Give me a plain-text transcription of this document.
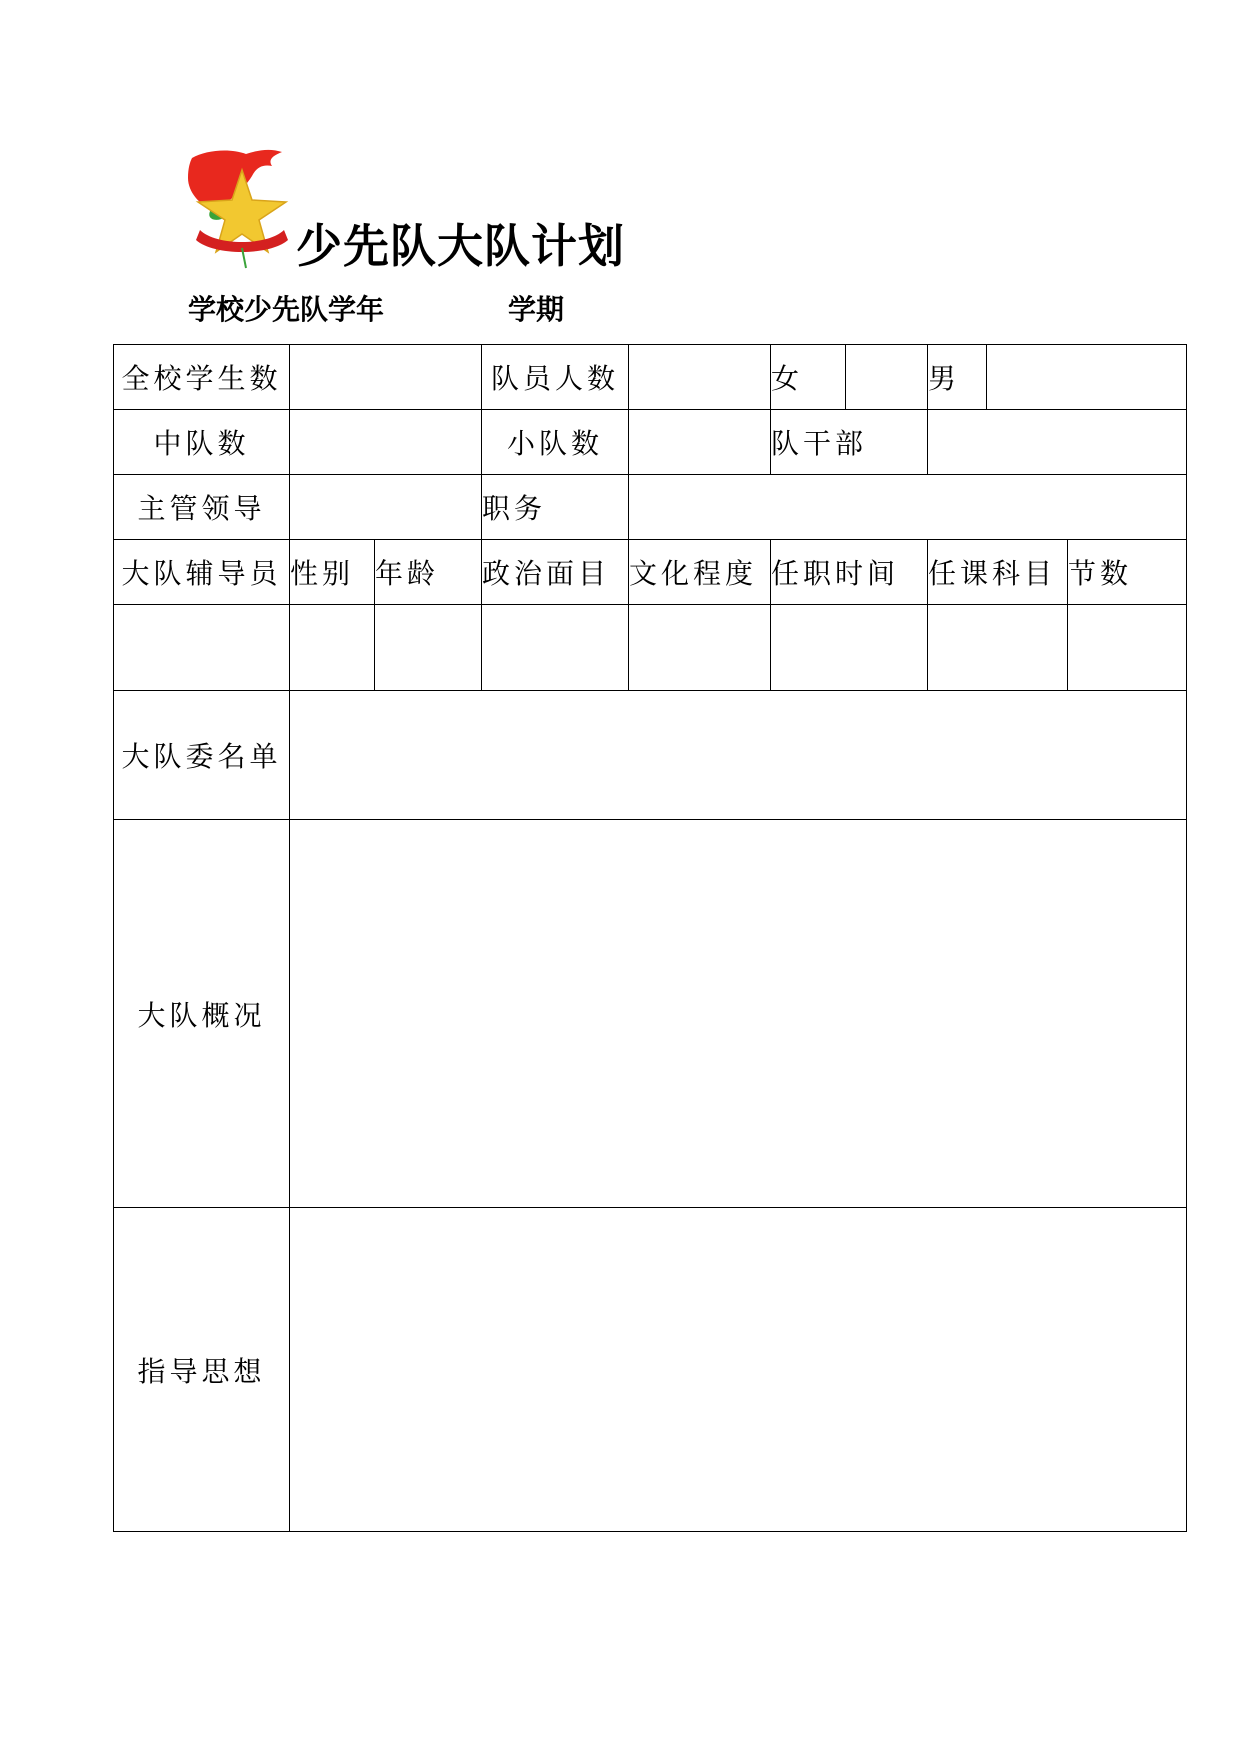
少先队大队计划
学校少先队学年	学期
全校学生数			队员人数		女		男		
中队数			小队数		队干部				
主管领导			职务						
大队辅导员	性别	年龄	政治面目	文化程度	任职时间		任课科目		节数

大队委名单									
大队概况									
指导思想									
